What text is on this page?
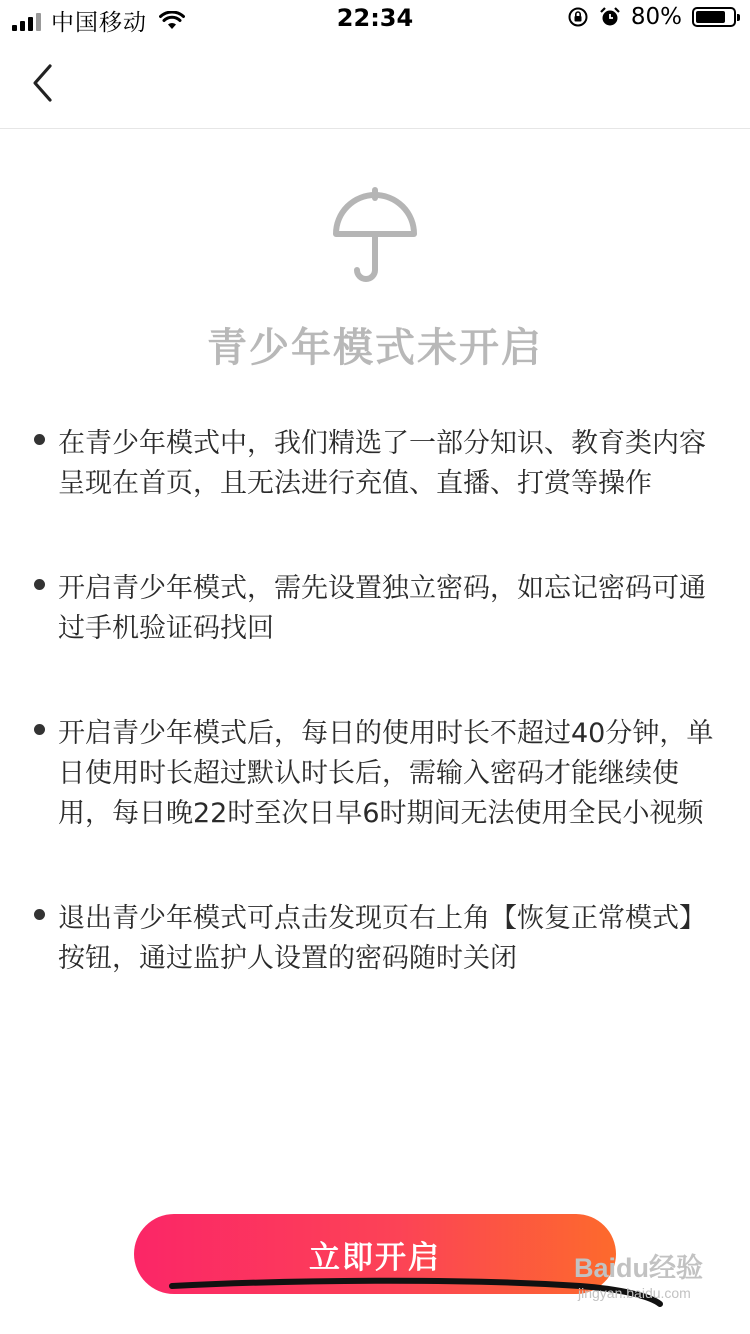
中国移动	22:34	80%
青少年模式未开启
在青少年模式中，我们精选了一部分知识、教育类内容呈现在首页，且无法进行充值、直播、打赏等操作
开启青少年模式，需先设置独立密码，如忘记密码可通过手机验证码找回
开启青少年模式后，每日的使用时长不超过40分钟，单日使用时长超过默认时长后，需输入密码才能继续使用，每日晚22时至次日早6时期间无法使用全民小视频
退出青少年模式可点击发现页右上角【恢复正常模式】按钮，通过监护人设置的密码随时关闭
立即开启	Baidu经验
jingyan.baidu.com
